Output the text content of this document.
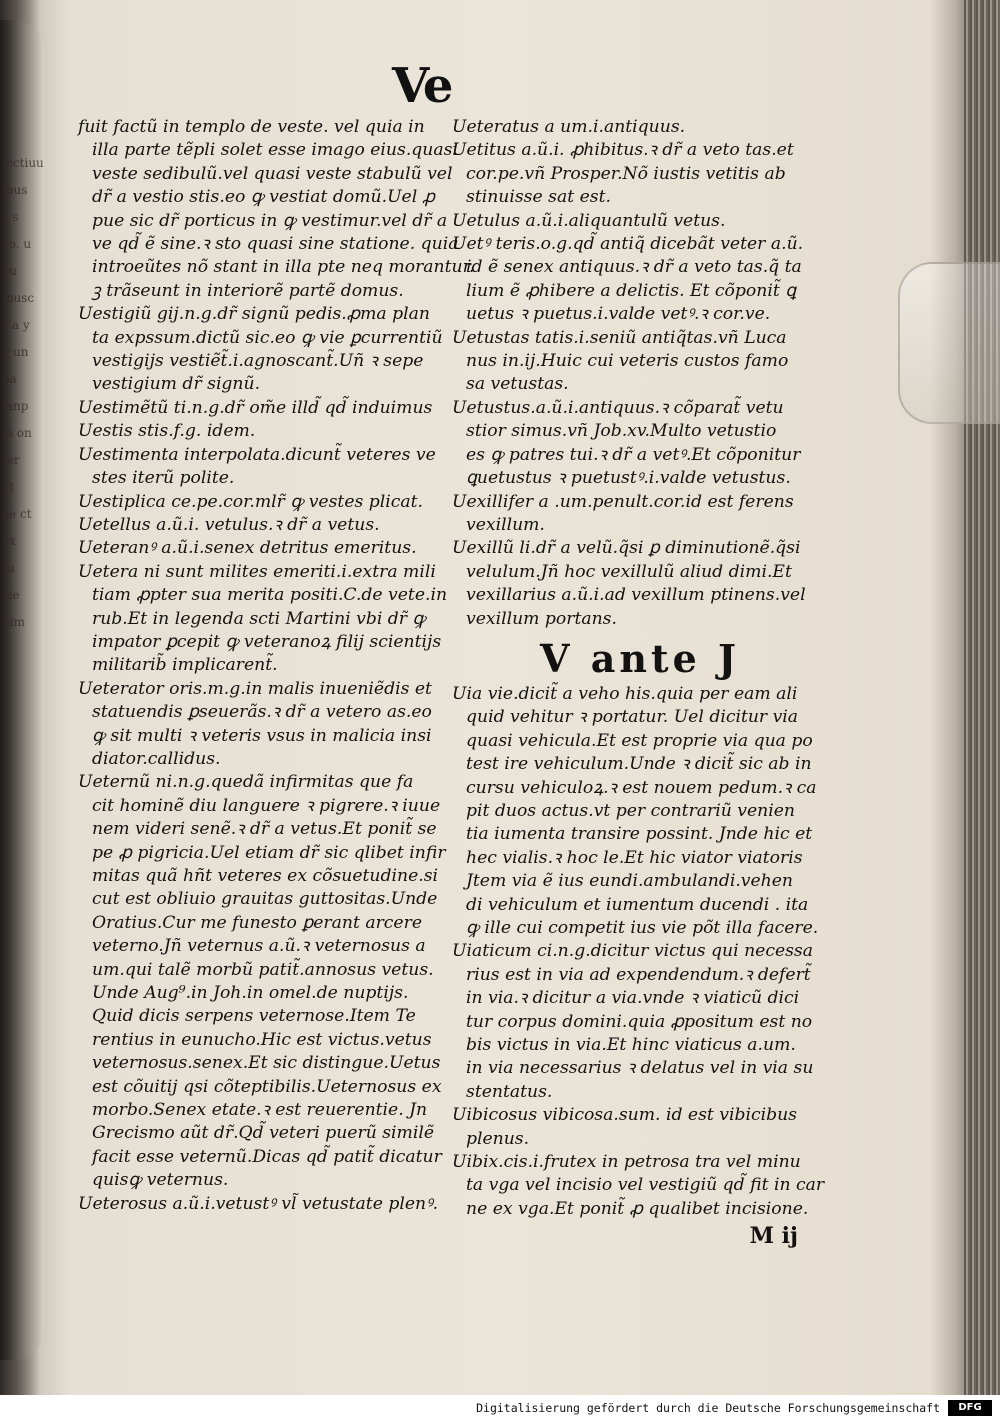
lectiuu lbus c s co. u ou lbusc s a y o un pa lanp la on ter ot ee ct ex tu cie nim
Ve
fuit factũ in templo de veste. vel quia in
illa parte tẽpli solet esse imago eius.quasi
veste sedibulũ.vel quasi veste stabulũ vel
dr̃ a vestio stis.eo ꝙ vestiat domũ.Uel ꝓ
pue sic dr̃ porticus in ꝙ vestimur.vel dr̃ a
ve qd̃ ẽ sine.ꝛ sto quasi sine statione. quia
introeũtes nõ stant in illa pte neq morantur.
ꝫ trãseunt in interiorẽ partẽ domus.
Uestigiũ gij.n.g.dr̃ signũ pedis.ꝓma plan
ta expssum.dictũ sic.eo ꝙ vie ꝑcurrentiũ
vestigijs vestiẽt̃.i.agnoscant̃.Uñ ꝛ sepe
vestigium dr̃ signũ.
Uestimẽtũ ti.n.g.dr̃ om̃e illd̃ qd̃ induimus
Uestis stis.f.g. idem.
Uestimenta interpolata.dicunt̃ veteres ve
stes iterũ polite.
Uestiplica ce.pe.cor.mlr̃ ꝙ vestes plicat.
Uetellus a.ũ.i. vetulus.ꝛ dr̃ a vetus.
Ueteranꝰ a.ũ.i.senex detritus emeritus.
Uetera ni sunt milites emeriti.i.extra mili
tiam ꝓpter sua merita positi.C.de vete.in
rub.Et in legenda scti Martini vbi dr̃ ꝙ
impator ꝑcepit ꝙ veteranoꝝ filij scientijs
militarib̃ implicarent̃.
Ueterator oris.m.g.in malis inueniẽdis et
statuendis ꝑseuerãs.ꝛ dr̃ a vetero as.eo
ꝙ sit multi ꝛ veteris vsus in malicia insi
diator.callidus.
Ueternũ ni.n.g.quedã infirmitas que fa
cit hominẽ diu languere ꝛ pigrere.ꝛ iuue
nem videri senẽ.ꝛ dr̃ a vetus.Et ponit̃ se
pe ꝓ pigricia.Uel etiam dr̃ sic qlibet infir
mitas quã hñt veteres ex cõsuetudine.si
cut est obliuio grauitas guttositas.Unde
Oratius.Cur me funesto ꝑerant arcere
veterno.Jñ veternus a.ũ.ꝛ veternosus a
um.qui talẽ morbũ patit̃.annosus vetus.
Unde Aug⁹.in Joh.in omel.de nuptijs.
Quid dicis serpens veternose.Item Te
rentius in eunucho.Hic est victus.vetus
veternosus.senex.Et sic distingue.Uetus
est cõuitij qsi cõteptibilis.Ueternosus ex
morbo.Senex etate.ꝛ est reuerentie. Jn
Grecismo aũt dr̃.Qd̃ veteri puerũ similẽ
facit esse veternũ.Dicas qd̃ patit̃ dicatur
quisꝙ veternus.
Ueterosus a.ũ.i.vetustꝰ vl̃ vetustate plenꝰ.
Ueteratus a um.i.antiquus.
Uetitus a.ũ.i. ꝓhibitus.ꝛ dr̃ a veto tas.et
cor.pe.vñ Prosper.Nõ iustis vetitis ab
stinuisse sat est.
Uetulus a.ũ.i.aliquantulũ vetus.
Uetꝰ teris.o.g.qd̃ antiq̃ dicebãt veter a.ũ.
id ẽ senex antiquus.ꝛ dr̃ a veto tas.q̃ ta
lium ẽ ꝓhibere a delictis. Et cõponit̃ ꝗ
uetus ꝛ puetus.i.valde vetꝰ.ꝛ cor.ve.
Uetustas tatis.i.seniũ antiq̃tas.vñ Luca
nus in.ij.Huic cui veteris custos famo
sa vetustas.
Uetustus.a.ũ.i.antiquus.ꝛ cõparat̃ vetu
stior simus.vñ Job.xv.Multo vetustio
es ꝙ patres tui.ꝛ dr̃ a vetꝰ.Et cõponitur
ꝗuetustus ꝛ puetustꝰ.i.valde vetustus.
Uexillifer a .um.penult.cor.id est ferens
vexillum.
Uexillũ li.dr̃ a velũ.q̃si ꝑ diminutionẽ.q̃si
velulum.Jñ hoc vexillulũ aliud dimi.Et
vexillarius a.ũ.i.ad vexillum ptinens.vel
vexillum portans.
V ante J
Uia vie.dicit̃ a veho his.quia per eam ali
quid vehitur ꝛ portatur. Uel dicitur via
quasi vehicula.Et est proprie via qua po
test ire vehiculum.Unde ꝛ dicit̃ sic ab in
cursu vehiculoꝝ.ꝛ est nouem pedum.ꝛ ca
pit duos actus.vt per contrariũ venien
tia iumenta transire possint. Jnde hic et
hec vialis.ꝛ hoc le.Et hic viator viatoris
Jtem via ẽ ius eundi.ambulandi.vehen
di vehiculum et iumentum ducendi . ita
ꝙ ille cui competit ius vie põt illa facere.
Uiaticum ci.n.g.dicitur victus qui necessa
rius est in via ad expendendum.ꝛ defert̃
in via.ꝛ dicitur a via.vnde ꝛ viaticũ dici
tur corpus domini.quia ꝓpositum est no
bis victus in via.Et hinc viaticus a.um.
in via necessarius ꝛ delatus vel in via su
stentatus.
Uibicosus vibicosa.sum. id est vibicibus
plenus.
Uibix.cis.i.frutex in petrosa tra vel minu
ta vga vel incisio vel vestigiũ qd̃ fit in car
ne ex vga.Et ponit̃ ꝓ qualibet incisione.
M ij
Digitalisierung gefördert durch die Deutsche Forschungsgemeinschaft	DFG
